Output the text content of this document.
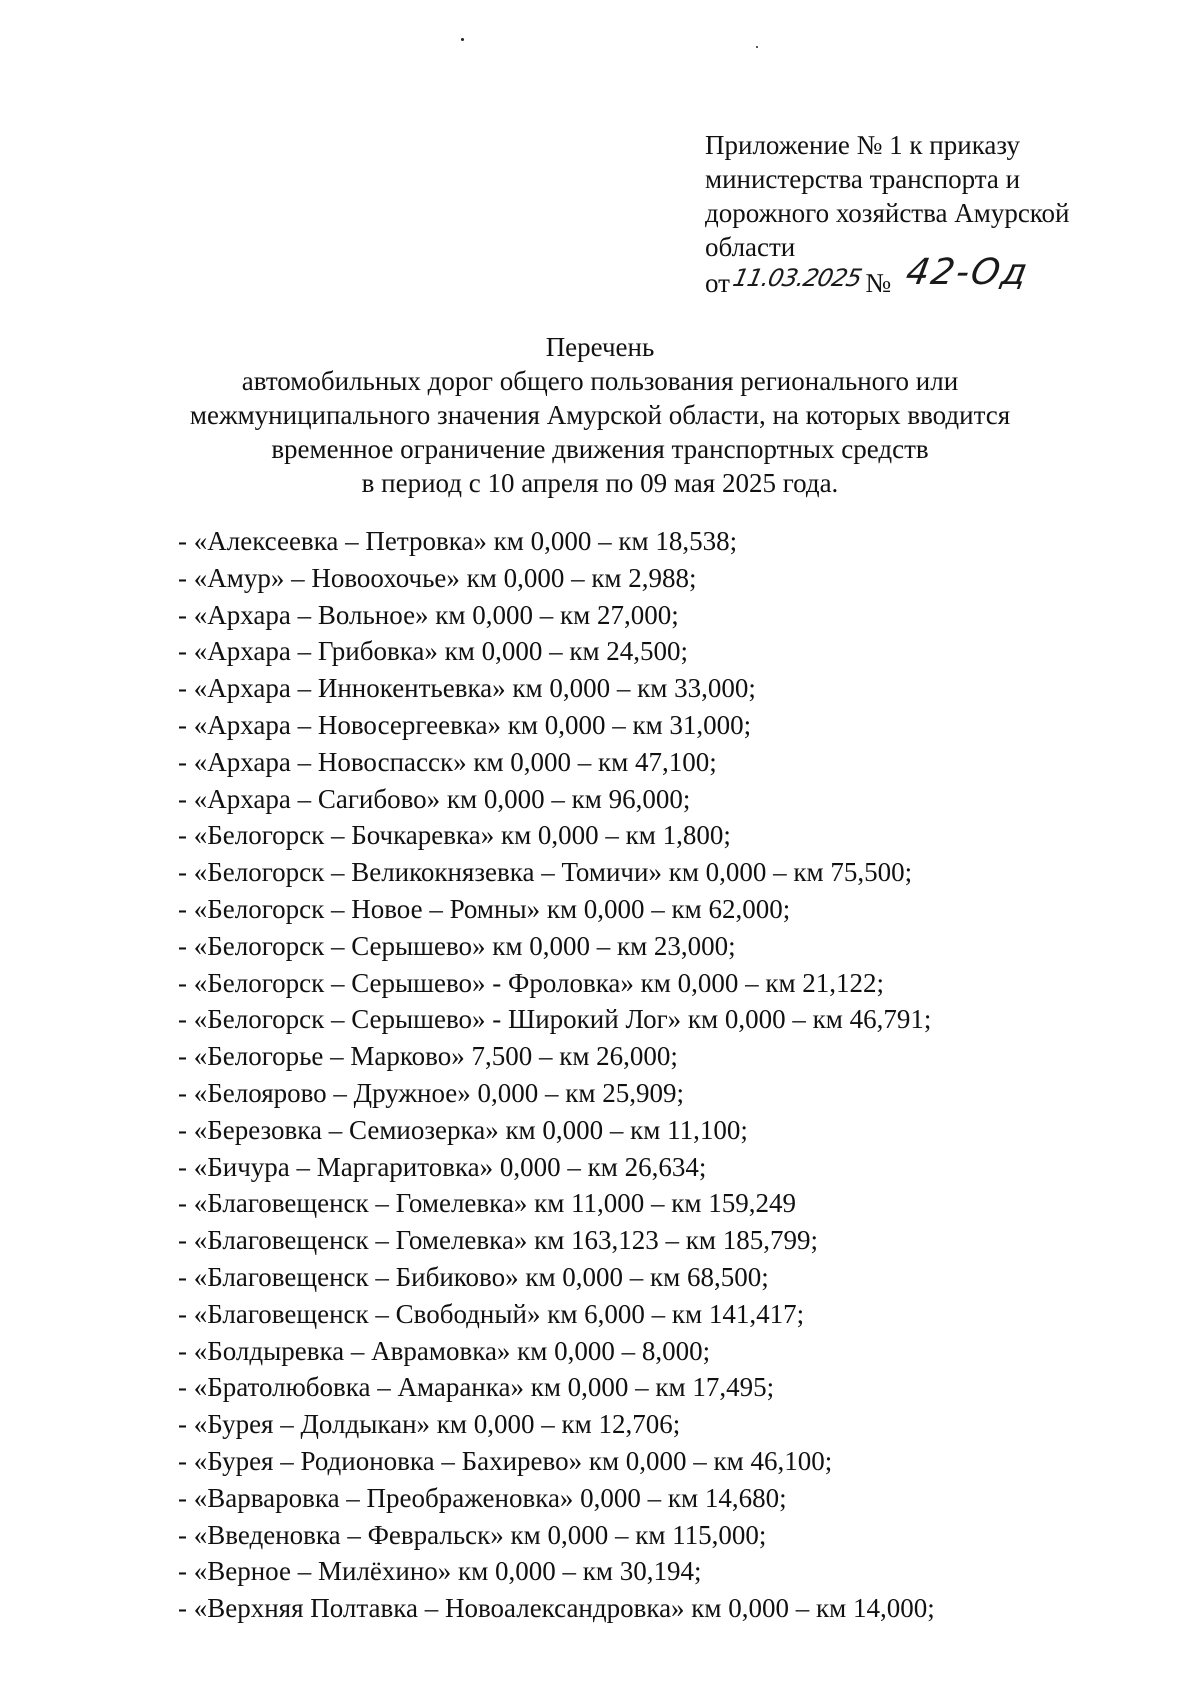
Приложение № 1 к приказу
министерства транспорта и
дорожного хозяйства Амурской
области
от11.03.2025№ 42-Од
Перечень
автомобильных дорог общего пользования регионального или
межмуниципального значения Амурской области, на которых вводится
временное ограничение движения транспортных средств
в период с 10 апреля по 09 мая 2025 года.
- «Алексеевка – Петровка» км 0,000 – км 18,538;
- «Амур» – Новоохочье» км 0,000 – км 2,988;
- «Архара – Вольное» км 0,000 – км 27,000;
- «Архара – Грибовка» км 0,000 – км 24,500;
- «Архара – Иннокентьевка» км 0,000 – км 33,000;
- «Архара – Новосергеевка» км 0,000 – км 31,000;
- «Архара – Новоспасск» км 0,000 – км 47,100;
- «Архара – Сагибово» км 0,000 – км 96,000;
- «Белогорск – Бочкаревка» км 0,000 – км 1,800;
- «Белогорск – Великокнязевка – Томичи» км 0,000 – км 75,500;
- «Белогорск – Новое – Ромны» км 0,000 – км 62,000;
- «Белогорск – Серышево» км 0,000 – км 23,000;
- «Белогорск – Серышево» - Фроловка» км 0,000 – км 21,122;
- «Белогорск – Серышево» - Широкий Лог» км 0,000 – км 46,791;
- «Белогорье – Марково» 7,500 – км 26,000;
- «Белоярово – Дружное» 0,000 – км 25,909;
- «Березовка – Семиозерка» км 0,000 – км 11,100;
- «Бичура – Маргаритовка» 0,000 – км 26,634;
- «Благовещенск – Гомелевка» км 11,000 – км 159,249
- «Благовещенск – Гомелевка» км 163,123 – км 185,799;
- «Благовещенск – Бибиково» км 0,000 – км 68,500;
- «Благовещенск – Свободный» км 6,000 – км 141,417;
- «Болдыревка – Аврамовка» км 0,000 – 8,000;
- «Братолюбовка – Амаранка» км 0,000 – км 17,495;
- «Бурея – Долдыкан» км 0,000 – км 12,706;
- «Бурея – Родионовка – Бахирево» км 0,000 – км 46,100;
- «Варваровка – Преображеновка» 0,000 – км 14,680;
- «Введеновка – Февральск» км 0,000 – км 115,000;
- «Верное – Милёхино» км 0,000 – км 30,194;
- «Верхняя Полтавка – Новоалександровка» км 0,000 – км 14,000;
